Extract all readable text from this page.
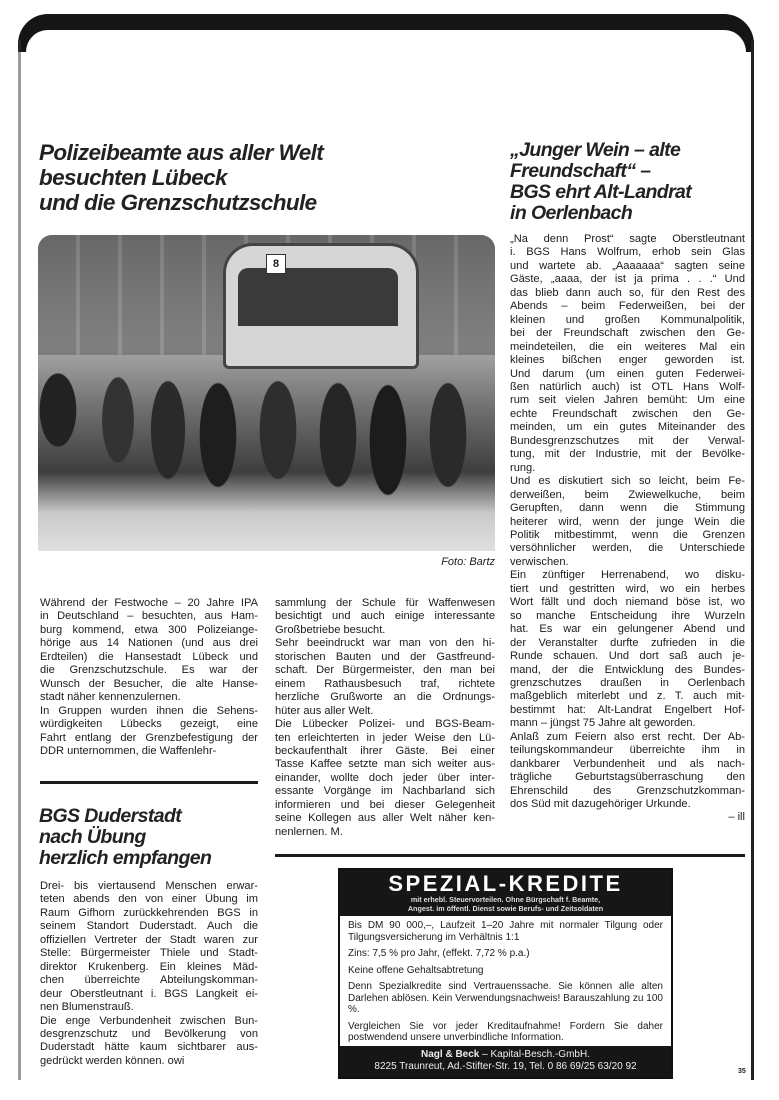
Polizeibeamte aus aller Welt
besuchten Lübeck
und die Grenzschutzschule
8
Foto: Bartz
Während der Festwoche – 20 Jahre IPA
in Deutschland – besuchten, aus Ham-
burg kommend, etwa 300 Polizeiange-
hörige aus 14 Nationen (und aus drei
Erdteilen) die Hansestadt Lübeck und
die Grenzschutzschule. Es war der
Wunsch der Besucher, die alte Hanse-
stadt näher kennenzulernen.
In Gruppen wurden ihnen die Sehens-
würdigkeiten Lübecks gezeigt, eine
Fahrt entlang der Grenzbefestigung der
DDR unternommen, die Waffenlehr-
BGS Duderstadt
nach Übung
herzlich empfangen
Drei- bis viertausend Menschen erwar-
teten abends den von einer Übung im
Raum Gifhorn zurückkehrenden BGS in
seinem Standort Duderstadt. Auch die
offiziellen Vertreter der Stadt waren zur
Stelle: Bürgermeister Thiele und Stadt-
direktor Krukenberg. Ein kleines Mäd-
chen überreichte Abteilungskomman-
deur Oberstleutnant i. BGS Langkeit ei-
nen Blumenstrauß.
Die enge Verbundenheit zwischen Bun-
desgrenzschutz und Bevölkerung von
Duderstadt hätte kaum sichtbarer aus-
gedrückt werden können. owi
sammlung der Schule für Waffenwesen
besichtigt und auch einige interessante
Großbetriebe besucht.
Sehr beeindruckt war man von den hi-
storischen Bauten und der Gastfreund-
schaft. Der Bürgermeister, den man bei
einem Rathausbesuch traf, richtete
herzliche Grußworte an die Ordnungs-
hüter aus aller Welt.
Die Lübecker Polizei- und BGS-Beam-
ten erleichterten in jeder Weise den Lü-
beckaufenthalt ihrer Gäste. Bei einer
Tasse Kaffee setzte man sich weiter aus-
einander, wollte doch jeder über inter-
essante Vorgänge im Nachbarland sich
informieren und bei dieser Gelegenheit
seine Kollegen aus aller Welt näher ken-
nenlernen. M.
„Junger Wein – alte
Freundschaft“ –
BGS ehrt Alt-Landrat
in Oerlenbach
„Na denn Prost“ sagte Oberstleutnant
i. BGS Hans Wolfrum, erhob sein Glas
und wartete ab. „Aaaaaaa“ sagten seine
Gäste, „aaaa, der ist ja prima . . .“ Und
das blieb dann auch so, für den Rest des
Abends – beim Federweißen, bei der
kleinen und großen Kommunalpolitik,
bei der Freundschaft zwischen den Ge-
meindeteilen, die ein weiteres Mal ein
kleines bißchen enger geworden ist.
Und darum (um einen guten Federwei-
ßen natürlich auch) ist OTL Hans Wolf-
rum seit vielen Jahren bemüht: Um eine
echte Freundschaft zwischen den Ge-
meinden, um ein gutes Miteinander des
Bundesgrenzschutzes mit der Verwal-
tung, mit der Industrie, mit der Bevölke-
rung.
Und es diskutiert sich so leicht, beim Fe-
derweißen, beim Zwiewelkuche, beim
Gerupften, dann wenn die Stimmung
heiterer wird, wenn der junge Wein die
Politik mitbestimmt, wenn die Grenzen
versöhnlicher werden, die Unterschiede
verwischen.
Ein zünftiger Herrenabend, wo disku-
tiert und gestritten wird, wo ein herbes
Wort fällt und doch niemand böse ist, wo
so manche Entscheidung ihre Wurzeln
hat. Es war ein gelungener Abend und
der Veranstalter durfte zufrieden in die
Runde schauen. Und dort saß auch je-
mand, der die Entwicklung des Bundes-
grenzschutzes draußen in Oerlenbach
maßgeblich miterlebt und z. T. auch mit-
bestimmt hat: Alt-Landrat Engelbert Hof-
mann – jüngst 75 Jahre alt geworden.
Anlaß zum Feiern also erst recht. Der Ab-
teilungskommandeur überreichte ihm in
dankbarer Verbundenheit und als nach-
trägliche Geburtstagsüberraschung den
Ehrenschild des Grenzschutzkomman-
dos Süd mit dazugehöriger Urkunde.
– ill
SPEZIAL-KREDITE
mit erhebl. Steuervorteilen. Ohne Bürgschaft f. Beamte,
Angest. im öffentl. Dienst sowie Berufs- und Zeitsoldaten

Bis DM 90 000,–, Laufzeit 1–20 Jahre mit normaler Tilgung oder Tilgungsversicherung im Verhältnis 1:1

Zins: 7,5 % pro Jahr, (effekt. 7,72 % p.a.)

Keine offene Gehaltsabtretung

Denn Spezialkredite sind Vertrauenssache. Sie können alle alten Darlehen ablösen. Kein Verwendungsnachweis! Barauszahlung zu 100 %.

Vergleichen Sie vor jeder Kreditaufnahme! Fordern Sie daher postwendend unsere unverbindliche Information.

Nagl & Beck – Kapital-Besch.-GmbH.
8225 Traunreut, Ad.-Stifter-Str. 19, Tel. 0 86 69/25 63/20 92	35
